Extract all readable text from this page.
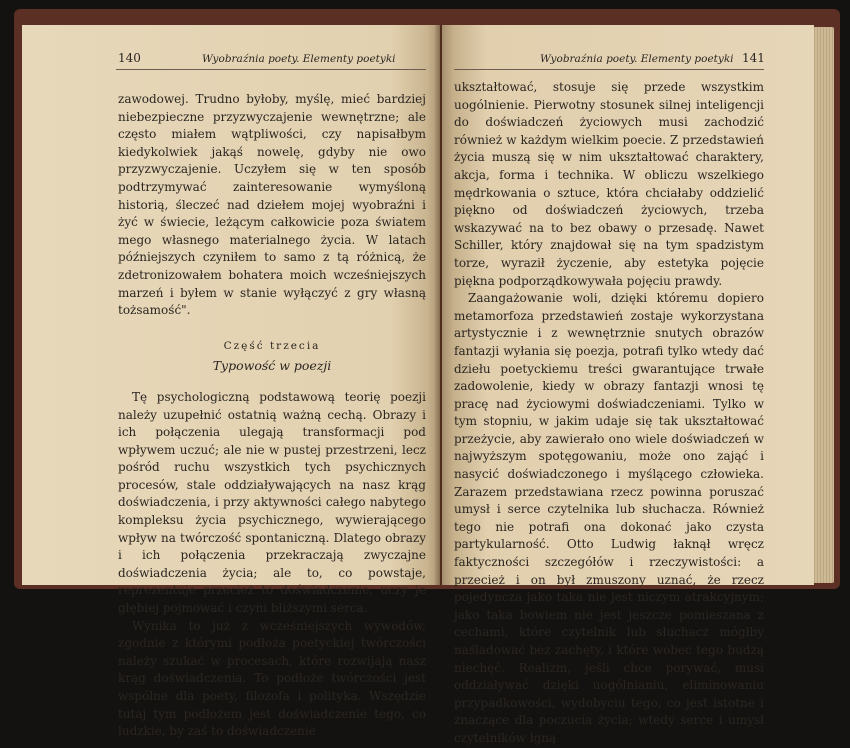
140	Wyobraźnia poety. Elementy poetyki

zawodowej. Trudno byłoby, myślę, mieć bardziej niebezpieczne przyzwyczajenie wewnętrzne; ale często miałem wątpliwości, czy napisałbym kiedykolwiek jakąś nowelę, gdyby nie owo przyzwyczajenie. Uczyłem się w ten sposób podtrzymywać zainteresowanie wymyśloną historią, śleczeć nad dziełem mojej wyobraźni i żyć w świecie, leżącym całkowicie poza światem mego własnego materialnego życia. W latach późniejszych czyniłem to samo z tą różnicą, że zdetronizowałem bohatera moich wcześniejszych marzeń i byłem w stanie wyłączyć z gry własną tożsamość".

Część trzecia
Typowość w poezji

Tę psychologiczną podstawową teorię poezji należy uzupełnić ostatnią ważną cechą. Obrazy i ich połączenia ulegają transformacji pod wpływem uczuć; ale nie w pustej przestrzeni, lecz pośród ruchu wszystkich tych psychicznych procesów, stale oddziaływających na nasz krąg doświadczenia, i przy aktywności całego nabytego kompleksu życia psychicznego, wywierającego wpływ na twórczość spontaniczną. Dlatego obrazy i ich połączenia przekraczają zwyczajne doświadczenia życia; ale to, co powstaje, reprezentuje przecież to doświadczenie, uczy je głębiej pojmować i czyni bliższymi serca.

Wynika to już z wcześniejszych wywodów, zgodnie z którymi podłoża poetyckiej twórczości należy szukać w procesach, które rozwijają nasz krąg doświadczenia. To podłoże twórczości jest wspólne dla poety, filozofa i polityka. Wszędzie tutaj tym podłożem jest doświadczenie tego, co ludzkie, by zaś to doświadczenie

Wyobraźnia poety. Elementy poetyki 141

ukształtować, stosuje się przede wszystkim uogólnienie. Pierwotny stosunek silnej inteligencji do doświadczeń życiowych musi zachodzić również w każdym wielkim poecie. Z przedstawień życia muszą się w nim ukształtować charaktery, akcja, forma i technika. W obliczu wszelkiego mędrkowania o sztuce, która chciałaby oddzielić piękno od doświadczeń życiowych, trzeba wskazywać na to bez obawy o przesadę. Nawet Schiller, który znajdował się na tym spadzistym torze, wyraził życzenie, aby estetyka pojęcie piękna podporządkowywała pojęciu prawdy.

Zaangażowanie woli, dzięki któremu dopiero metamorfoza przedstawień zostaje wykorzystana artystycznie i z wewnętrznie snutych obrazów fantazji wyłania się poezja, potrafi tylko wtedy dać dziełu poetyckiemu treści gwarantujące trwałe zadowolenie, kiedy w obrazy fantazji wnosi tę pracę nad życiowymi doświadczeniami. Tylko w tym stopniu, w jakim udaje się tak ukształtować przeżycie, aby zawierało ono wiele doświadczeń w najwyższym spotęgowaniu, może ono zająć i nasycić doświadczonego i myślącego człowieka. Zarazem przedstawiana rzecz powinna poruszać umysł i serce czytelnika lub słuchacza. Również tego nie potrafi ona dokonać jako czysta partykularność. Otto Ludwig łaknął wręcz faktyczności szczegółów i rzeczywistości: a przecież i on był zmuszony uznać, że rzecz pojedyncza jako taka nie jest niczym atrakcyjnym; jako taka bowiem nie jest jeszcze pomieszana z cechami, które czytelnik lub słuchacz mógłby naśladować bez zachęty, i które wobec tego budzą niechęć. Realizm, jeśli chce porywać, musi oddziaływać dzięki uogólnianiu, eliminowaniu przypadkowości, wydobyciu tego, co jest istotne i znaczące dla poczucia życia; wtedy serce i umysł czytelników łgną
